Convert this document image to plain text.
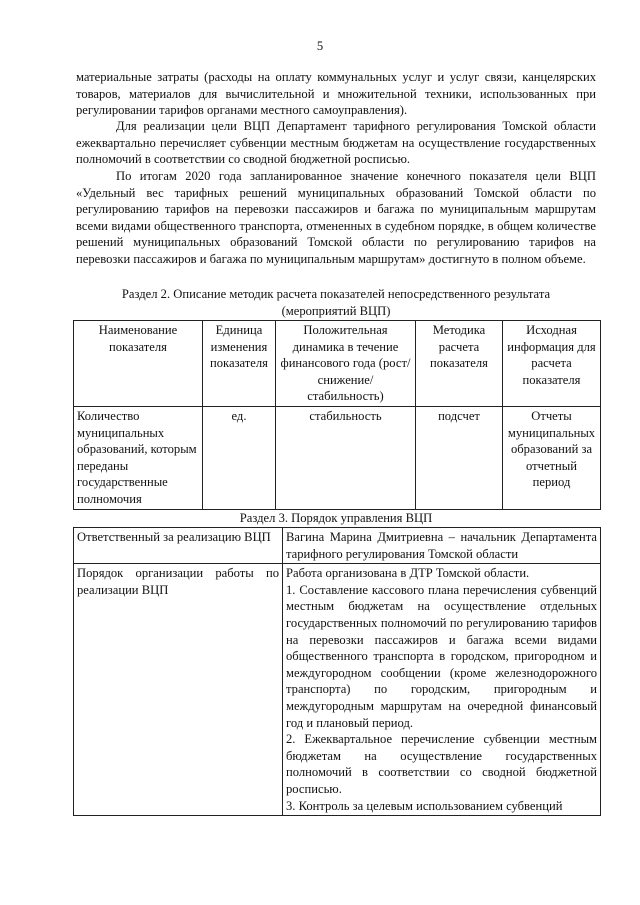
5

материальные затраты (расходы на оплату коммунальных услуг и услуг связи, канцелярских товаров, материалов для вычислительной и множительной техники, использованных при регулировании тарифов органами местного самоуправления).

Для реализации цели ВЦП Департамент тарифного регулирования Томской области ежеквартально перечисляет субвенции местным бюджетам на осуществление государственных полномочий в соответствии со сводной бюджетной росписью.

По итогам 2020 года запланированное значение конечного показателя цели ВЦП «Удельный вес тарифных решений муниципальных образований Томской области по регулированию тарифов на перевозки пассажиров и багажа по муниципальным маршрутам всеми видами общественного транспорта, отмененных в судебном порядке, в общем количестве решений муниципальных образований Томской области по регулированию тарифов на перевозки пассажиров и багажа по муниципальным маршрутам» достигнуто в полном объеме.

Раздел 2. Описание методик расчета показателей непосредственного результата
(мероприятий ВЦП)
Наименование показателя	Единица изменения показателя	Положительная динамика в течение финансового года (рост/снижение/ стабильность)	Методика расчета показателя	Исходная информация для расчета показателя
Количество муниципальных образований, которым переданы государственные полномочия	ед.	стабильность	подсчет	Отчеты муниципальных образований за отчетный период
Раздел 3. Порядок управления ВЦП
Ответственный за реализацию ВЦП	Вагина Марина Дмитриевна – начальник Департамента тарифного регулирования Томской области
Порядок организации работы по реализации ВЦП	Работа организована в ДТР Томской области.
1. Составление кассового плана перечисления субвенций местным бюджетам на осуществление отдельных государственных полномочий по регулированию тарифов на перевозки пассажиров и багажа всеми видами общественного транспорта в городском, пригородном и междугородном сообщении (кроме железнодорожного транспорта) по городским, пригородным и междугородным маршрутам на очередной финансовый год и плановый период.
2. Ежеквартальное перечисление субвенции местным бюджетам на осуществление государственных полномочий в соответствии со сводной бюджетной росписью.
3. Контроль за целевым использованием субвенций
